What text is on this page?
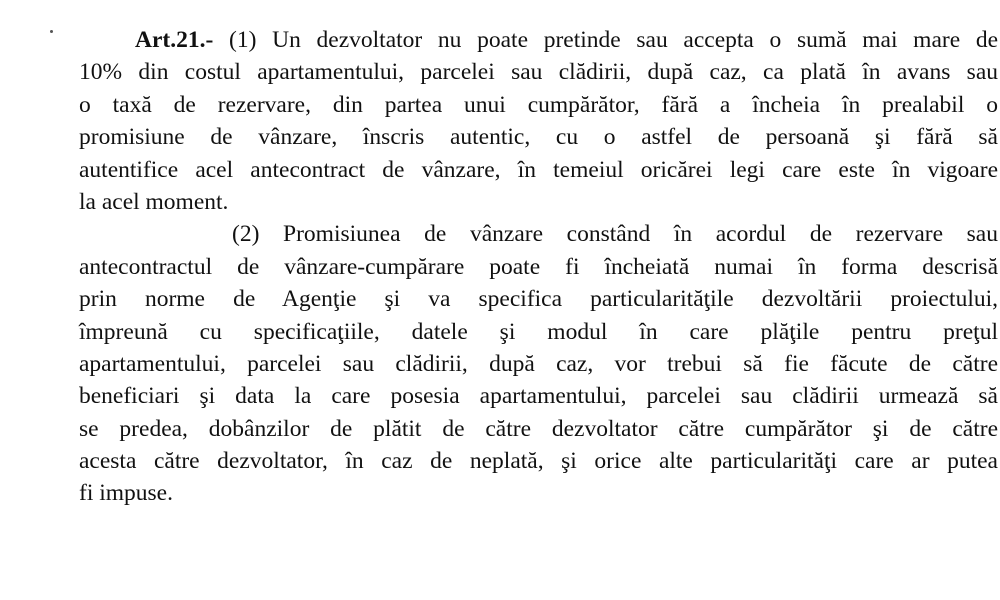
Art.21.- (1) Un dezvoltator nu poate pretinde sau accepta o sumă mai mare de
10% din costul apartamentului, parcelei sau clădirii, după caz, ca plată în avans sau
o taxă de rezervare, din partea unui cumpărător, fără a încheia în prealabil o
promisiune de vânzare, înscris autentic, cu o astfel de persoană şi fără să
autentifice acel antecontract de vânzare, în temeiul oricărei legi care este în vigoare
la acel moment.
(2) Promisiunea de vânzare constând în acordul de rezervare sau
antecontractul de vânzare-cumpărare poate fi încheiată numai în forma descrisă
prin norme de Agenţie şi va specifica particularităţile dezvoltării proiectului,
împreună cu specificaţiile, datele şi modul în care plăţile pentru preţul
apartamentului, parcelei sau clădirii, după caz, vor trebui să fie făcute de către
beneficiari şi data la care posesia apartamentului, parcelei sau clădirii urmează să
se predea, dobânzilor de plătit de către dezvoltator către cumpărător şi de către
acesta către dezvoltator, în caz de neplată, şi orice alte particularităţi care ar putea
fi impuse.
